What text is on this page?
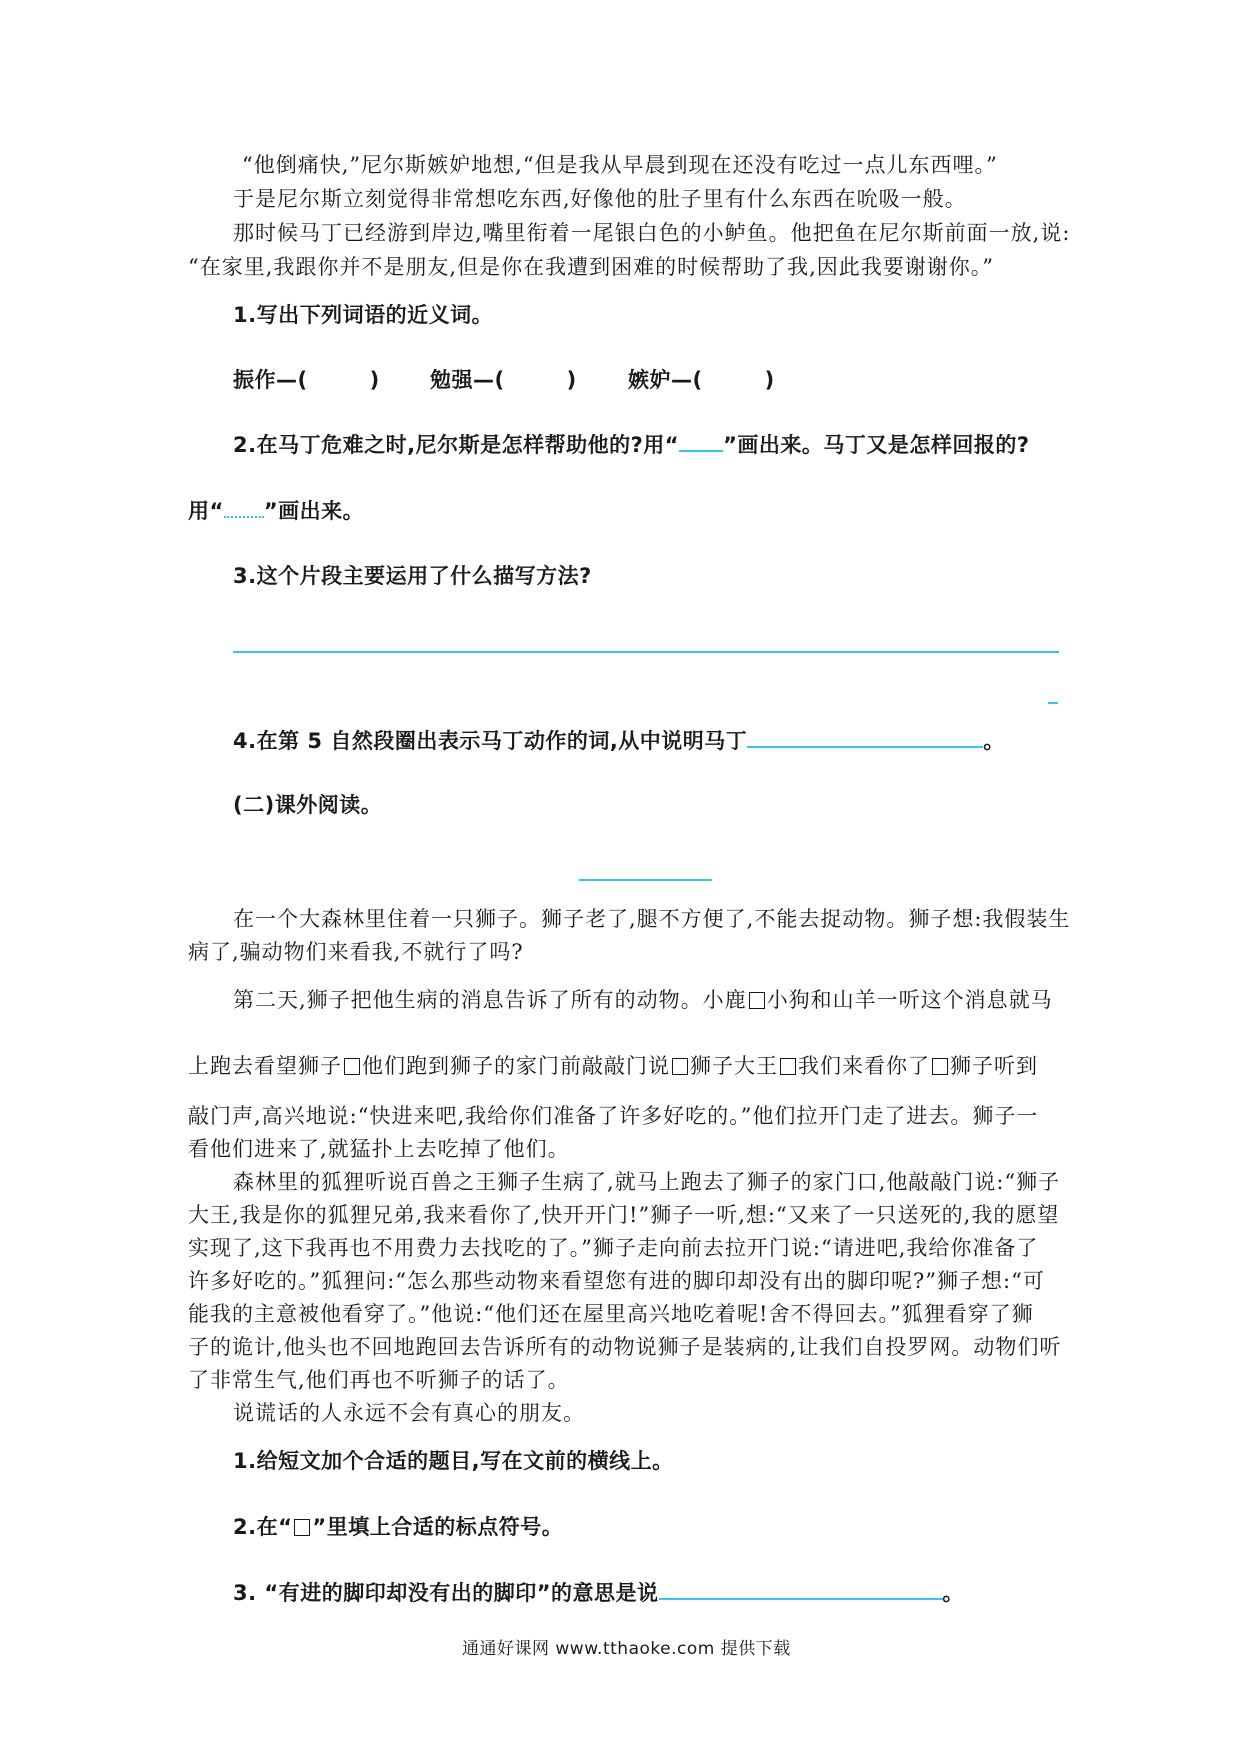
“他倒痛快,”尼尔斯嫉妒地想,“但是我从早晨到现在还没有吃过一点儿东西哩。”
于是尼尔斯立刻觉得非常想吃东西,好像他的肚子里有什么东西在吮吸一般。
那时候马丁已经游到岸边,嘴里衔着一尾银白色的小鲈鱼。他把鱼在尼尔斯前面一放,说:
“在家里,我跟你并不是朋友,但是你在我遭到困难的时候帮助了我,因此我要谢谢你。”
1.写出下列词语的近义词。
振作—(	) 勉强—(	) 嫉妒—(	)
2.在马丁危难之时,尼尔斯是怎样帮助他的?用“ ”画出来。马丁又是怎样回报的?
用“ ”画出来。
3.这个片段主要运用了什么描写方法?
4.在第 5 自然段圈出表示马丁动作的词,从中说明马丁	。
(二)课外阅读。
在一个大森林里住着一只狮子。狮子老了,腿不方便了,不能去捉动物。狮子想:我假装生
病了,骗动物们来看我,不就行了吗?
第二天,狮子把他生病的消息告诉了所有的动物。小鹿 小狗和山羊一听这个消息就马
上跑去看望狮子 他们跑到狮子的家门前敲敲门说 狮子大王 我们来看你了 狮子听到
敲门声,高兴地说:“快进来吧,我给你们准备了许多好吃的。”他们拉开门走了进去。狮子一
看他们进来了,就猛扑上去吃掉了他们。
森林里的狐狸听说百兽之王狮子生病了,就马上跑去了狮子的家门口,他敲敲门说:“狮子
大王,我是你的狐狸兄弟,我来看你了,快开开门!”狮子一听,想:“又来了一只送死的,我的愿望
实现了,这下我再也不用费力去找吃的了。”狮子走向前去拉开门说:“请进吧,我给你准备了
许多好吃的。”狐狸问:“怎么那些动物来看望您有进的脚印却没有出的脚印呢?”狮子想:“可
能我的主意被他看穿了。”他说:“他们还在屋里高兴地吃着呢!舍不得回去。”狐狸看穿了狮
子的诡计,他头也不回地跑回去告诉所有的动物说狮子是装病的,让我们自投罗网。动物们听
了非常生气,他们再也不听狮子的话了。
说谎话的人永远不会有真心的朋友。
1.给短文加个合适的题目,写在文前的横线上。
2.在“ ”里填上合适的标点符号。
3. “有进的脚印却没有出的脚印”的意思是说	。
通通好课网 www.tthaoke.com 提供下载
